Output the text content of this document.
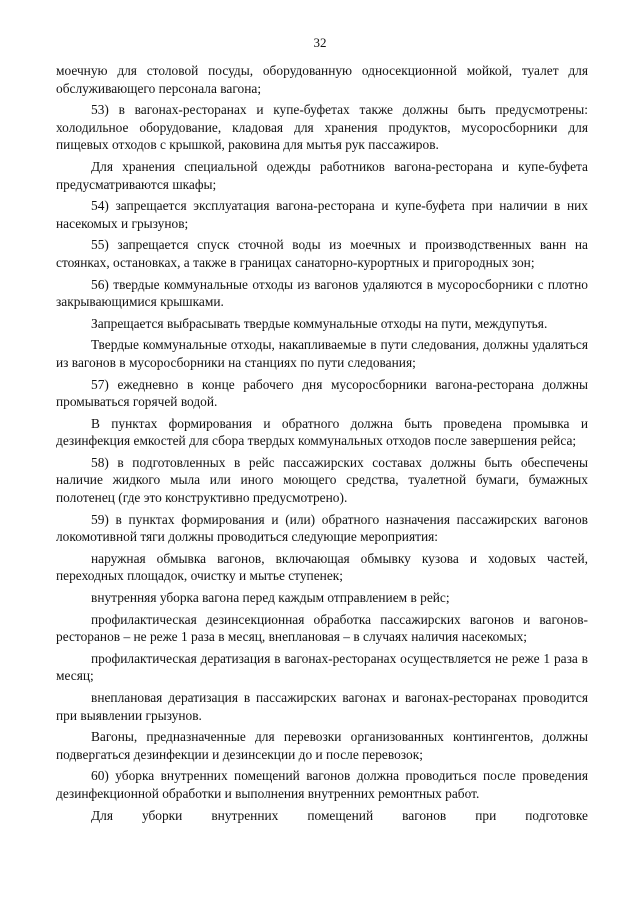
32

моечную для столовой посуды, оборудованную односекционной мойкой, туалет для обслуживающего персонала вагона;

53) в вагонах-ресторанах и купе-буфетах также должны быть предусмотрены: холодильное оборудование, кладовая для хранения продуктов, мусоросборники для пищевых отходов с крышкой, раковина для мытья рук пассажиров.

Для хранения специальной одежды работников вагона-ресторана и купе-буфета предусматриваются шкафы;

54) запрещается эксплуатация вагона-ресторана и купе-буфета при наличии в них насекомых и грызунов;

55) запрещается спуск сточной воды из моечных и производственных ванн на стоянках, остановках, а также в границах санаторно-курортных и пригородных зон;

56) твердые коммунальные отходы из вагонов удаляются в мусоросборники с плотно закрывающимися крышками.

Запрещается выбрасывать твердые коммунальные отходы на пути, междупутья.

Твердые коммунальные отходы, накапливаемые в пути следования, должны удаляться из вагонов в мусоросборники на станциях по пути следования;

57) ежедневно в конце рабочего дня мусоросборники вагона-ресторана должны промываться горячей водой.

В пунктах формирования и обратного должна быть проведена промывка и дезинфекция емкостей для сбора твердых коммунальных отходов после завершения рейса;

58) в подготовленных в рейс пассажирских составах должны быть обеспечены наличие жидкого мыла или иного моющего средства, туалетной бумаги, бумажных полотенец (где это конструктивно предусмотрено).

59) в пунктах формирования и (или) обратного назначения пассажирских вагонов локомотивной тяги должны проводиться следующие мероприятия:

наружная обмывка вагонов, включающая обмывку кузова и ходовых частей, переходных площадок, очистку и мытье ступенек;

внутренняя уборка вагона перед каждым отправлением в рейс;

профилактическая дезинсекционная обработка пассажирских вагонов и вагонов-ресторанов – не реже 1 раза в месяц, внеплановая – в случаях наличия насекомых;

профилактическая дератизация в вагонах-ресторанах осуществляется не реже 1 раза в месяц;

внеплановая дератизация в пассажирских вагонах и вагонах-ресторанах проводится при выявлении грызунов.

Вагоны, предназначенные для перевозки организованных контингентов, должны подвергаться дезинфекции и дезинсекции до и после перевозок;

60) уборка внутренних помещений вагонов должна проводиться после проведения дезинфекционной обработки и выполнения внутренних ремонтных работ.

Для уборки внутренних помещений вагонов при подготовке
